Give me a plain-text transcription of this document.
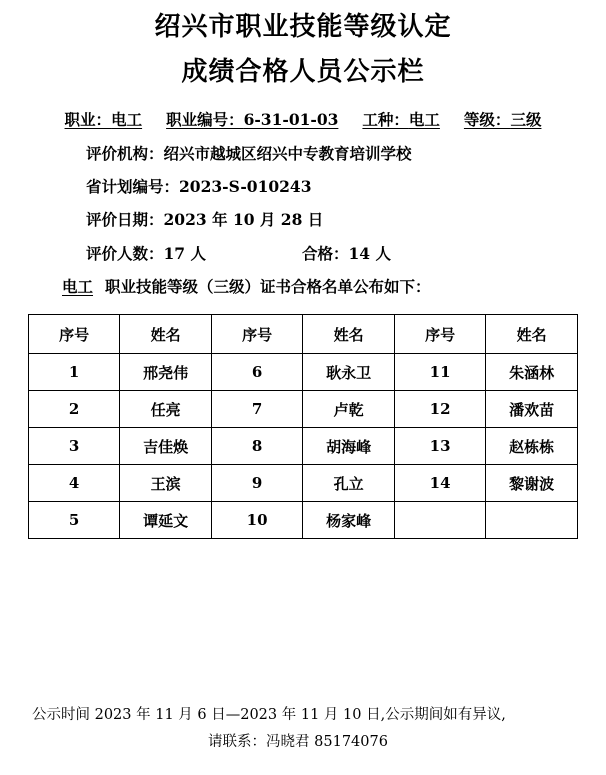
绍兴市职业技能等级认定
成绩合格人员公示栏
职业：电工 职业编号：6-31-01-03 工种：电工 等级：三级
评价机构：绍兴市越城区绍兴中专教育培训学校
省计划编号：2023-S-010243
评价日期：2023 年 10 月 28 日
评价人数：17 人	合格：14 人
电工 职业技能等级（三级）证书合格名单公布如下：
序号	姓名	序号	姓名	序号	姓名
1	邢尧伟	6	耿永卫	11	朱涵林
2	任亮	7	卢乾	12	潘欢苗
3	吉佳焕	8	胡海峰	13	赵栋栋
4	王滨	9	孔立	14	黎谢波
5	谭延文	10	杨家峰		
公示时间 2023 年 11 月 6 日—2023 年 11 月 10 日,公示期间如有异议,
请联系：冯晓君 85174076
